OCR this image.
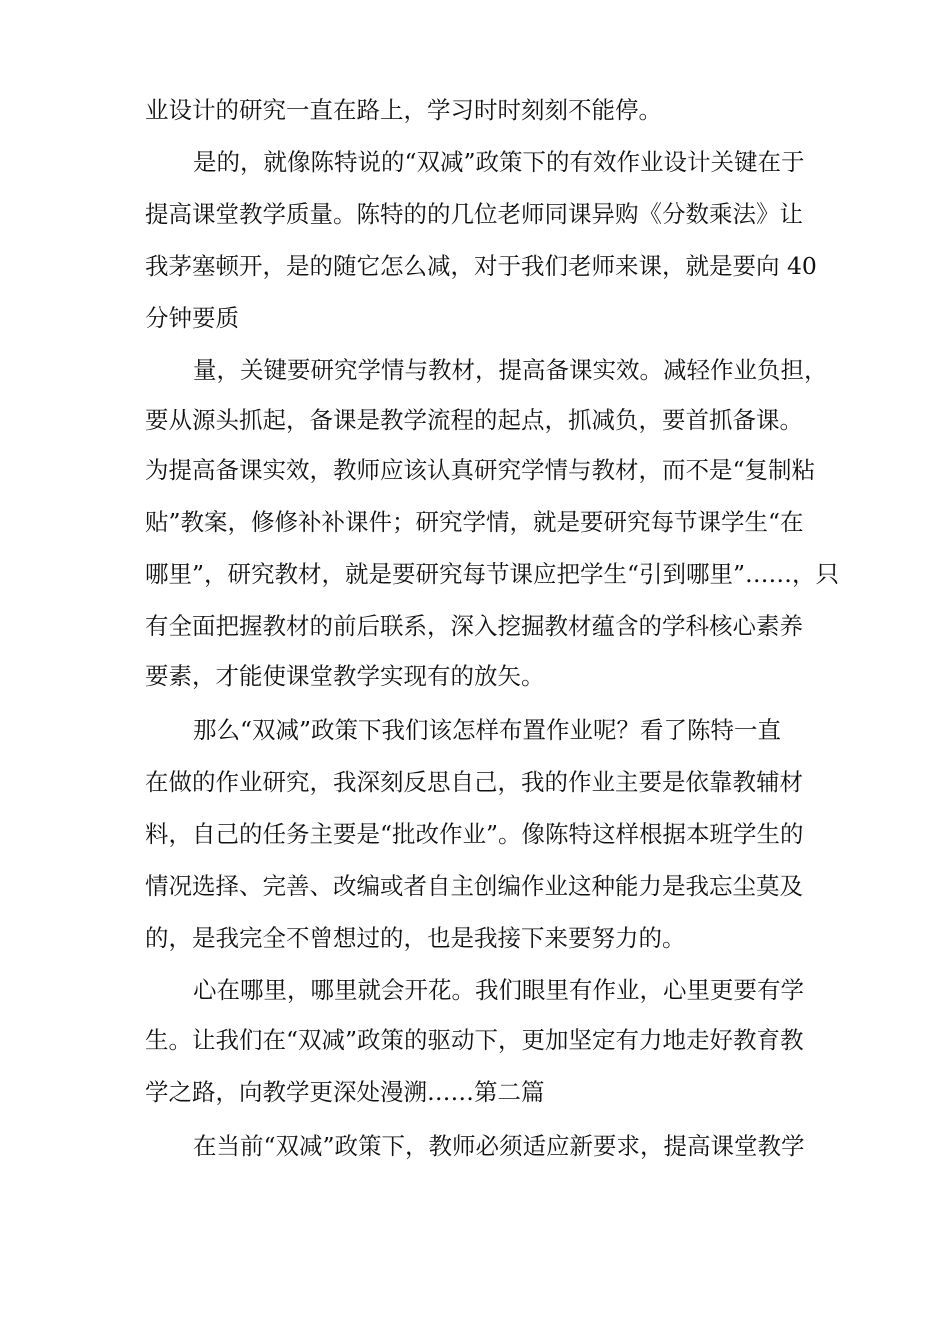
业设计的研究一直在路上，学习时时刻刻不能停。

是的，就像陈特说的“双减”政策下的有效作业设计关键在于

提高课堂教学质量。陈特的的几位老师同课异购《分数乘法》让

我茅塞顿开，是的随它怎么减，对于我们老师来课，就是要向 40

分钟要质

量，关键要研究学情与教材，提高备课实效。减轻作业负担，

要从源头抓起，备课是教学流程的起点，抓减负，要首抓备课。

为提高备课实效，教师应该认真研究学情与教材，而不是“复制粘

贴”教案，修修补补课件；研究学情，就是要研究每节课学生“在

哪里”，研究教材，就是要研究每节课应把学生“引到哪里”……，只

有全面把握教材的前后联系，深入挖掘教材蕴含的学科核心素养

要素，才能使课堂教学实现有的放矢。

那么“双减”政策下我们该怎样布置作业呢？看了陈特一直

在做的作业研究，我深刻反思自己，我的作业主要是依靠教辅材

料，自己的任务主要是“批改作业”。像陈特这样根据本班学生的

情况选择、完善、改编或者自主创编作业这种能力是我忘尘莫及

的，是我完全不曾想过的，也是我接下来要努力的。

心在哪里，哪里就会开花。我们眼里有作业，心里更要有学

生。让我们在“双减”政策的驱动下，更加坚定有力地走好教育教

学之路，向教学更深处漫溯……第二篇

在当前“双减”政策下，教师必须适应新要求，提高课堂教学
